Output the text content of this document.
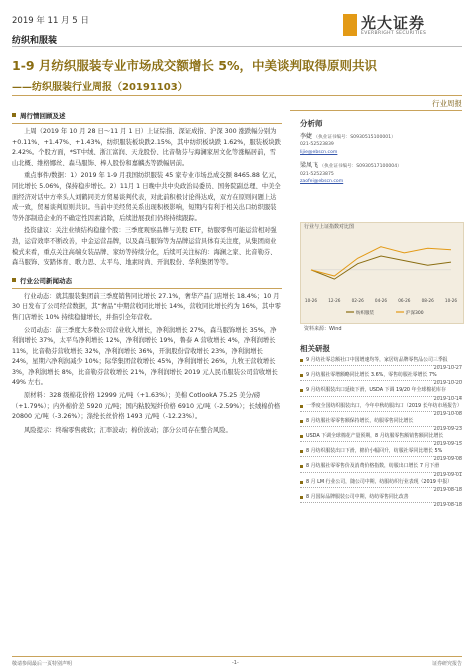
2019 年 11 月 5 日
纺织和服装
光大证券
EVERBRIGHT SECURITIES
1-9 月纺织服装专业市场成交额增长 5%，中美谈判取得原则共识
——纺织服装行业周报（20191103）
行业周报
周行情回顾及述

上周（2019 年 10 月 28 日～11 月 1 日）上证综指、深证成指、沪深 300 涨跌幅分别为+0.11%、+1.47%、+1.43%，纺织服装板块跌2.15%，其中纺织板块跌 1.62%，服装板块跌 2.42%。个股方面，*ST中绒、浙江富润、天龙股份、比音勒芬与海澜家居文化等涨幅居前，雪山北概、维格娜丝、森马服饰、棒人股份和嘉麟杰等跌幅居前。

重点事件/数据：1）2019 年 1-9 月我国纺织服装 45 家专业市场总成交额 8465.88 亿元，同比增长 5.06%，保持稳步增长。2）11月 1 日晚中共中央政治局委员、国务院副总理、中美全面经济对话中方牵头人刘鹤同美方贸易谈判代表，对此前积极讨论得达成，双方在原则问题上达成一致，贸易谈判原则共识。当前中美经贸关系出现积极影响，短期内有利于相关出口纺织服装等外部制造企业的不确定性因素消除，后续进展我们仍将持续跟踪。

投资建议：关注业绩结构稳健个股：三季度观察品牌与美股 ETF，纺服零售可能运营相对强劲，运营效率不断改善，中金运营品牌，以及森马服饰等为品牌运营具体有关注度，从集团商业模式来看，重点关注高端女装品牌、家纺等持续分化，后续可关注标的：海澜之家、比音勒芬、森马服饰、安踏体育、歌力思、太平鸟、地素时尚、开润股份、华利集团等等。

行业公司新闻动态

行业动态：就其服装集团前三季度销售同比增长 27.1%，奢华产品门店增长 18.4%；10 月 30 日发布了公司经营数据，其“奢品”中期营收同比增长 14%，营收同比增长约为 16%，其中零售门店增长 10% 持续稳健增长，并指引全年营收。

公司动态：前三季度大多数公司营业收入增长，净利润增长 27%，森马服饰增长 35%，净利润增长 37%，太平鸟净利增长 12%，净利润增长 19%，鲁泰 A 营收增长 4%，净利润增长 11%，比音勒芬营收增长 32%，净利润增长 36%，开润股份营收增长 23%，净利润增长 24%，星期六净利润减少 10%；际华集团营收增长 45%，净利润增长 26%，九牧王营收增长 3%，净利润增长 8%，比音勒芬营收增长 21%，净利润增长 2019 元人民币服装公司营收增长 49% 左右。

原材料：328 级棉花价格 12999 元/吨（+1.63%）；美棉 CotlookA 75.25 美分/磅（+1.79%）；内外棉价差 5920 元/吨；国内粘胶短纤价格 6910 元/吨（-2.59%）；长绒棉价格 20800 元/吨（-3.26%）；涤纶长丝价格 1493 元/吨（-12.23%）。

风险提示：终端零售疲软；汇率波动；棉价波动；部分公司存在整合风险。

分析师
李婕 （执业证书编号：S0930515100001）
021-52523839
lijie@ebscn.com
梁凤飞 （执业证书编号：S0930517100004）
021-52523875
zaofei@ebscn.com
10-26	12-26	02-26	04-26	06-26	08-26	10-26
纺织服装	沪深300
行业与上证指数对比图
资料来源：Wind
相关研报
9 月纺社零总额社口中国增速均等，家居纺品牌零售品公司三季报
2019-10-27
9 月纺服社零增额略同比增长 3.6%，零售纺服社零增长 7%
2019-10-20
9 月纺织服装出口延续下滑，USDA 下调 19/20 年全球棉花库存
2019-10-14
一季度全国纺织服装出口，今年中秋纺服出口（2019 长年纺市场报告）
2019-10-08
8 月纺服社零零售额保持增长，纺服零售同比增长
2019-09-23
USDA 下调全球棉花产量预期，8 月纺服零售额销售额同比增长
2019-09-15
8 月纺织服装出口下滑，棉价小幅回升，纺服社零同比增长 5%
2019-09-08
8 月纺服社零零售价及消费价格指数，纺服出口增长 7 月下滑
2019-09-01
8 月 LM 行业公司，随公司中期，纺服纺织行业表现（2019 中报）
2019-08-18
8 月国际品牌服装公司中期，纺纺零售同比改善
2019-08-18
敬请参阅最后一页特别声明	-1-	证券研究报告
